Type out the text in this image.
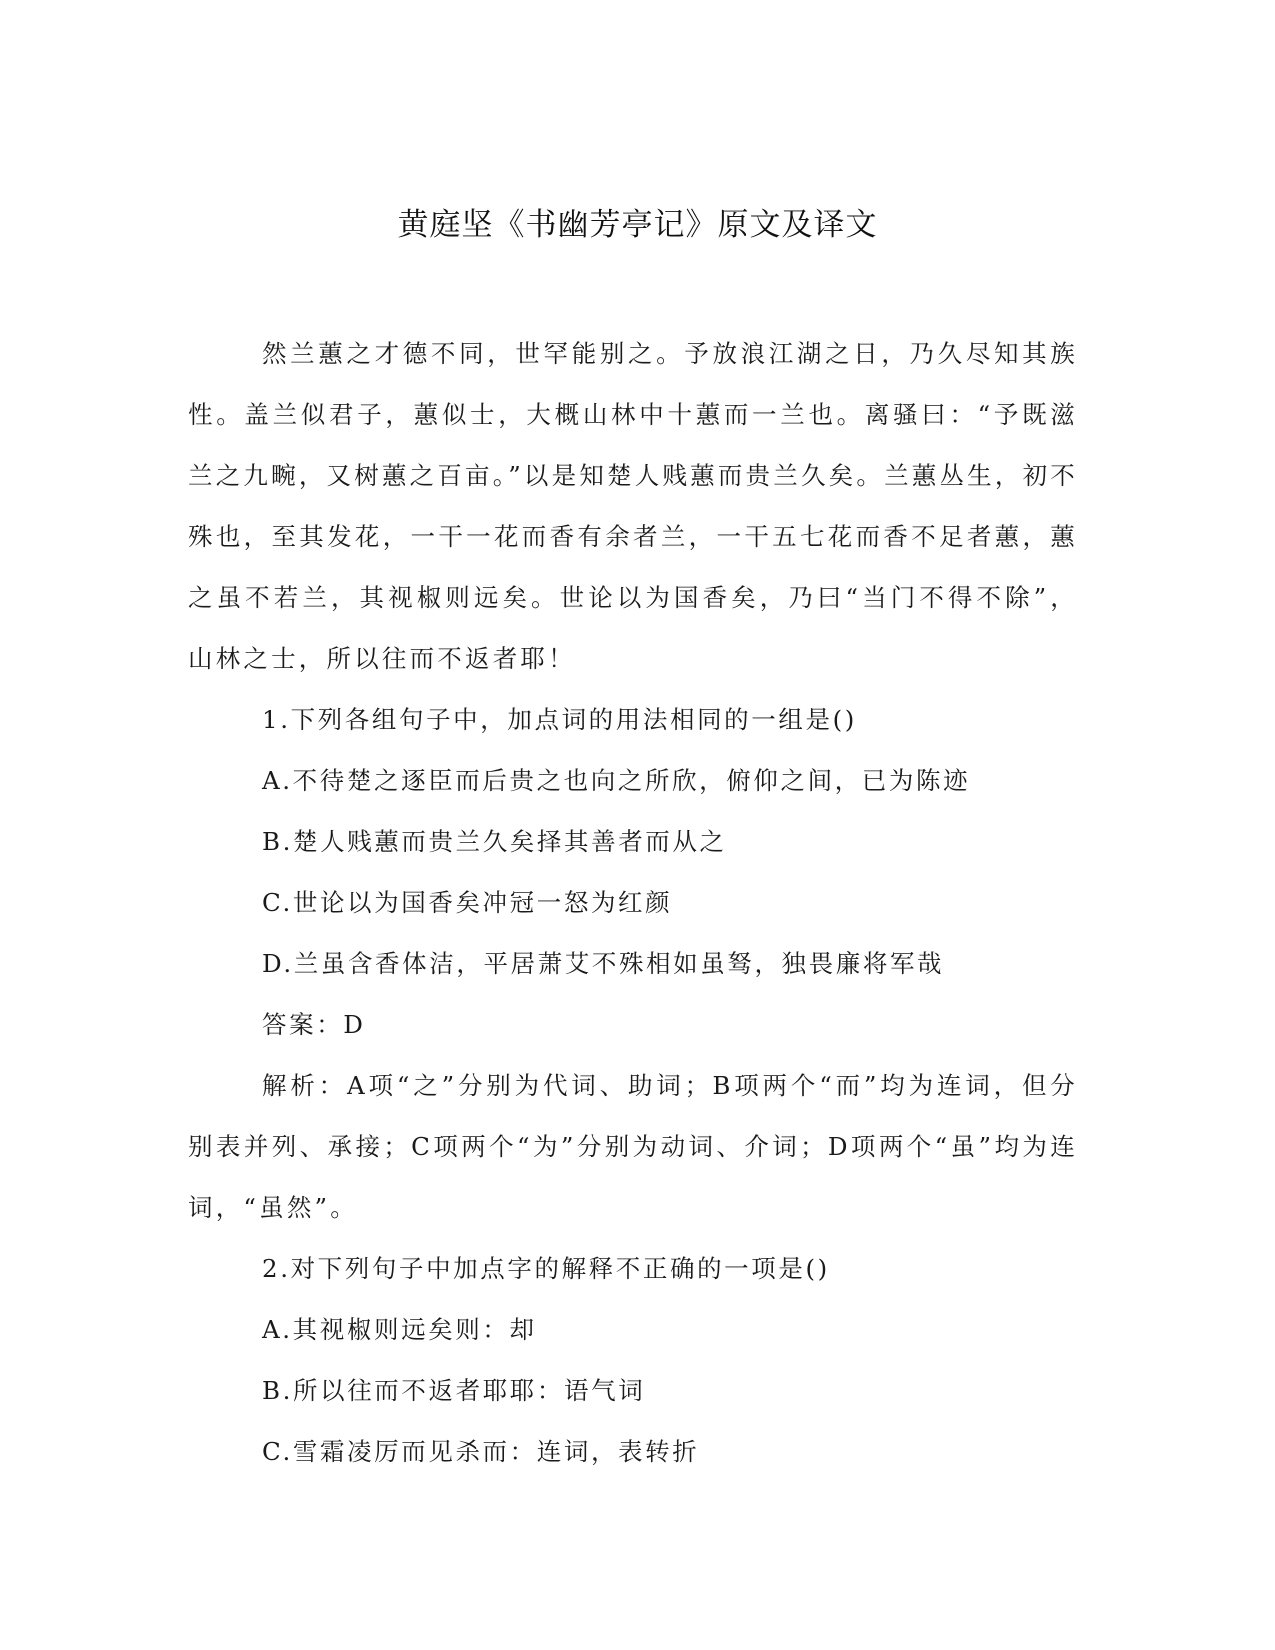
黄庭坚《书幽芳亭记》原文及译文

然兰蕙之才德不同，世罕能别之。予放浪江湖之日，乃久尽知其族性。盖兰似君子，蕙似士，大概山林中十蕙而一兰也。离骚曰：“予既滋兰之九畹，又树蕙之百亩。”以是知楚人贱蕙而贵兰久矣。兰蕙丛生，初不殊也，至其发花，一干一花而香有余者兰，一干五七花而香不足者蕙，蕙之虽不若兰，其视椒则远矣。世论以为国香矣，乃曰“当门不得不除”，山林之士，所以往而不返者耶！

1.下列各组句子中，加点词的用法相同的一组是()

A.不待楚之逐臣而后贵之也向之所欣，俯仰之间，已为陈迹

B.楚人贱蕙而贵兰久矣择其善者而从之

C.世论以为国香矣冲冠一怒为红颜

D.兰虽含香体洁，平居萧艾不殊相如虽驽，独畏廉将军哉

答案：D

解析：A项“之”分别为代词、助词；B项两个“而”均为连词，但分别表并列、承接；C项两个“为”分别为动词、介词；D项两个“虽”均为连词，“虽然”。

2.对下列句子中加点字的解释不正确的一项是()

A.其视椒则远矣则：却

B.所以往而不返者耶耶：语气词

C.雪霜凌厉而见杀而：连词，表转折
